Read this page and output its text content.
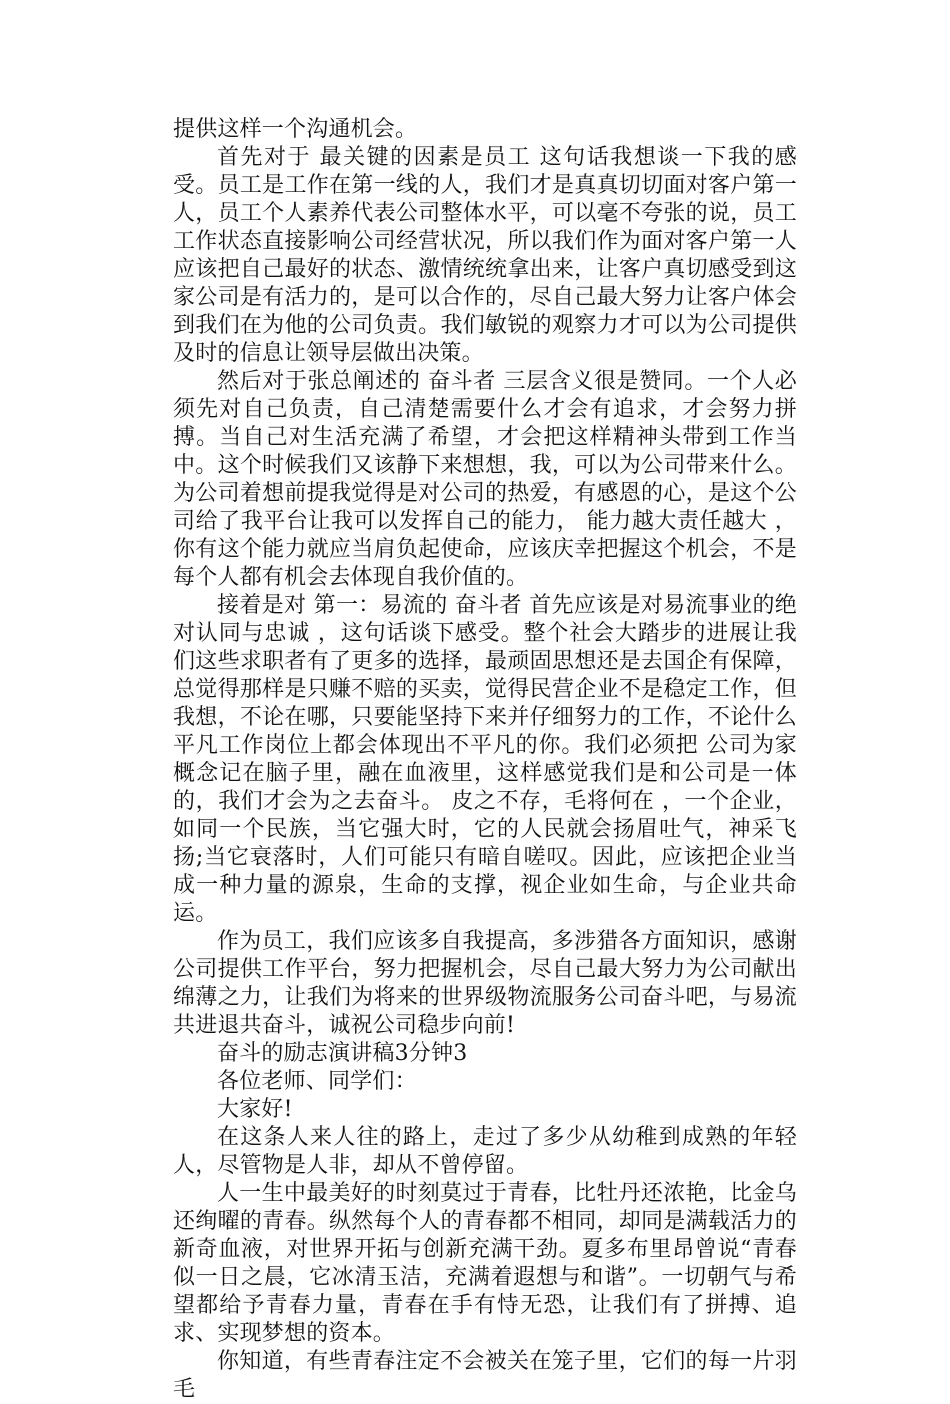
提供这样一个沟通机会。

首先对于 最关键的因素是员工 这句话我想谈一下我的感受。员工是工作在第一线的人，我们才是真真切切面对客户第一人，员工个人素养代表公司整体水平，可以毫不夸张的说，员工工作状态直接影响公司经营状况，所以我们作为面对客户第一人应该把自己最好的状态、激情统统拿出来，让客户真切感受到这家公司是有活力的，是可以合作的，尽自己最大努力让客户体会到我们在为他的公司负责。我们敏锐的观察力才可以为公司提供及时的信息让领导层做出决策。

然后对于张总阐述的 奋斗者 三层含义很是赞同。一个人必须先对自己负责，自己清楚需要什么才会有追求，才会努力拼搏。当自己对生活充满了希望，才会把这样精神头带到工作当中。这个时候我们又该静下来想想，我，可以为公司带来什么。为公司着想前提我觉得是对公司的热爱，有感恩的心，是这个公司给了我平台让我可以发挥自己的能力， 能力越大责任越大 ，你有这个能力就应当肩负起使命，应该庆幸把握这个机会，不是每个人都有机会去体现自我价值的。

接着是对 第一：易流的 奋斗者 首先应该是对易流事业的绝对认同与忠诚 ，这句话谈下感受。整个社会大踏步的进展让我们这些求职者有了更多的选择，最顽固思想还是去国企有保障，总觉得那样是只赚不赔的买卖，觉得民营企业不是稳定工作，但我想，不论在哪，只要能坚持下来并仔细努力的工作，不论什么平凡工作岗位上都会体现出不平凡的你。我们必须把 公司为家 概念记在脑子里，融在血液里，这样感觉我们是和公司是一体的，我们才会为之去奋斗。 皮之不存，毛将何在 ，一个企业，如同一个民族，当它强大时，它的人民就会扬眉吐气，神采飞扬;当它衰落时，人们可能只有暗自嗟叹。因此，应该把企业当成一种力量的源泉，生命的支撑，视企业如生命，与企业共命运。

作为员工，我们应该多自我提高，多涉猎各方面知识，感谢公司提供工作平台，努力把握机会，尽自己最大努力为公司献出绵薄之力，让我们为将来的世界级物流服务公司奋斗吧，与易流共进退共奋斗，诚祝公司稳步向前!

奋斗的励志演讲稿3分钟3

各位老师、同学们：

大家好!

在这条人来人往的路上，走过了多少从幼稚到成熟的年轻人，尽管物是人非，却从不曾停留。

人一生中最美好的时刻莫过于青春，比牡丹还浓艳，比金乌还绚曜的青春。纵然每个人的青春都不相同，却同是满载活力的新奇血液，对世界开拓与创新充满干劲。夏多布里昂曾说“青春似一日之晨，它冰清玉洁，充满着遐想与和谐”。一切朝气与希望都给予青春力量，青春在手有恃无恐，让我们有了拼搏、追求、实现梦想的资本。

你知道，有些青春注定不会被关在笼子里，它们的每一片羽毛
